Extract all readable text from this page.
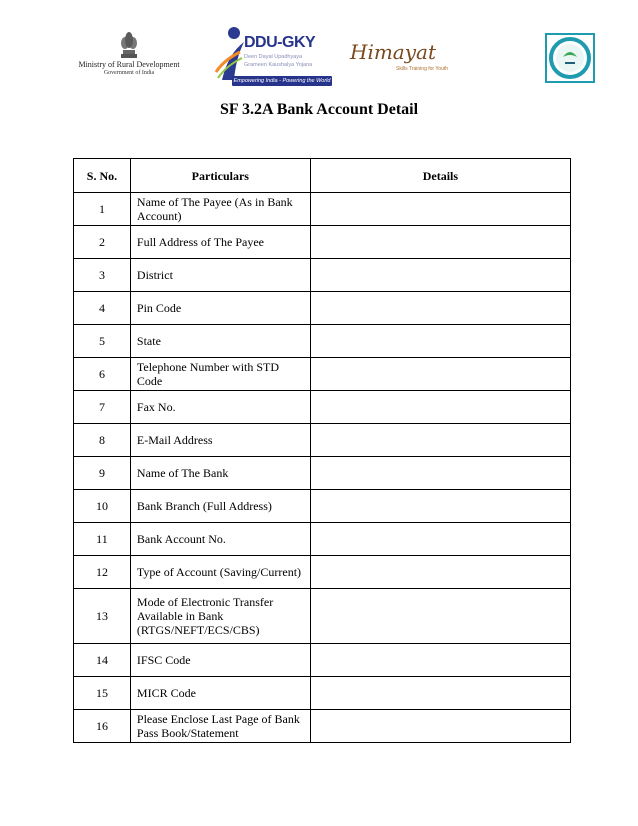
Ministry of Rural Development
Government of India
DDU-GKY
Deen Dayal Upadhyaya
Grameen Kaushalya Yojana
Empowering India - Powering the World
Himayat
Skills Training for Youth
SF 3.2A Bank Account Detail
S. No.	Particulars	Details
1	Name of The Payee (As in Bank Account)	
2	Full Address of The Payee	
3	District	
4	Pin Code	
5	State	
6	Telephone Number with STD Code	
7	Fax No.	
8	E-Mail Address	
9	Name of The Bank	
10	Bank Branch (Full Address)	
11	Bank Account No.	
12	Type of Account (Saving/Current)	
13	Mode of Electronic Transfer Available in Bank (RTGS/NEFT/ECS/CBS)	
14	IFSC Code	
15	MICR Code	
16	Please Enclose Last Page of Bank Pass Book/Statement	
